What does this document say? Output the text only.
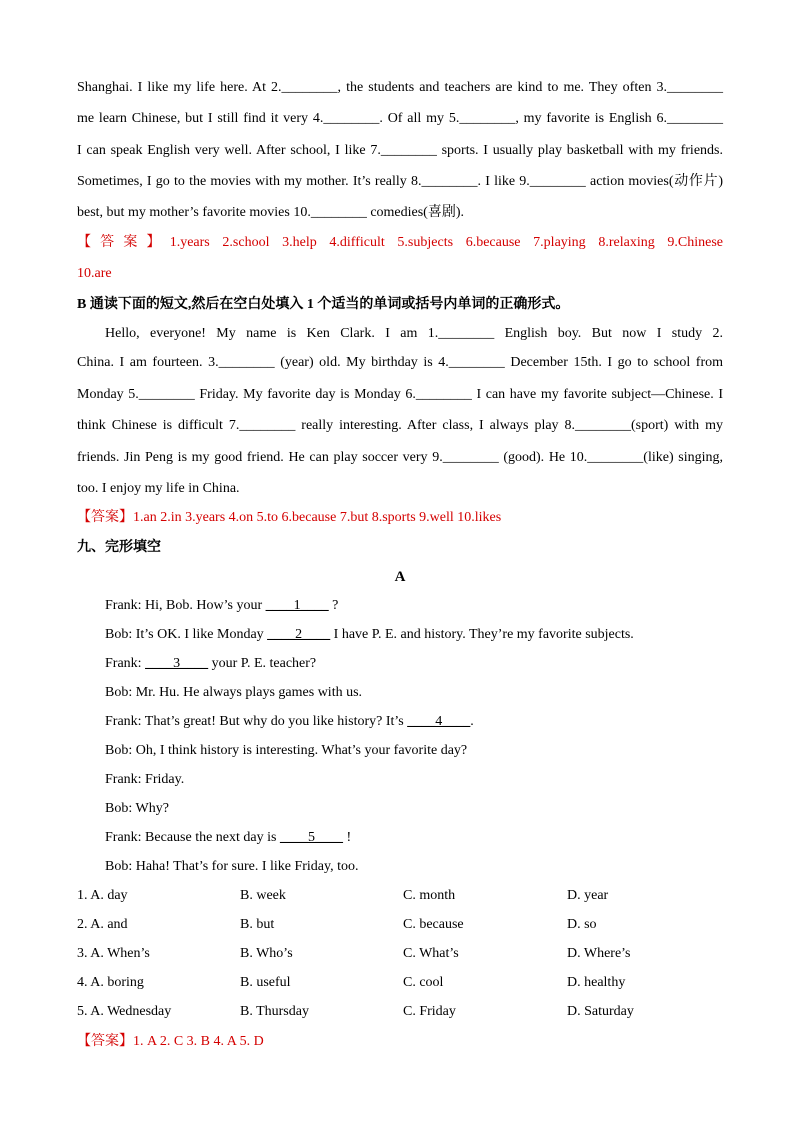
Shanghai. I like my life here. At 2.________, the students and teachers are kind to me. They often 3.________
me learn Chinese, but I still find it very 4.________. Of all my 5.________, my favorite is English 6.________
I can speak English very well. After school, I like 7.________ sports. I usually play basketball with my friends.
Sometimes, I go to the movies with my mother. It’s really 8.________. I like 9.________ action movies(动作片)
best, but my mother’s favorite movies 10.________ comedies(喜剧).
【答案】1.years 2.school 3.help 4.difficult 5.subjects 6.because 7.playing 8.relaxing 9.Chinese
10.are
B 通读下面的短文,然后在空白处填入 1 个适当的单词或括号内单词的正确形式。
Hello, everyone! My name is Ken Clark. I am 1.________ English boy. But now I study 2.
China. I am fourteen. 3.________ (year) old. My birthday is 4.________ December 15th. I go to school from
Monday 5.________ Friday. My favorite day is Monday 6.________ I can have my favorite subject—Chinese. I
think Chinese is difficult 7.________ really interesting. After class, I always play 8.________(sport) with my
friends. Jin Peng is my good friend. He can play soccer very 9.________ (good). He 10.________(like) singing,
too. I enjoy my life in China.
【答案】1.an 2.in 3.years 4.on 5.to 6.because 7.but 8.sports 9.well 10.likes
九、完形填空
A
Frank: Hi, Bob. How’s your ____1____ ?
Bob: It’s OK. I like Monday ____2____ I have P. E. and history. They’re my favorite subjects.
Frank: ____3____ your P. E. teacher?
Bob: Mr. Hu. He always plays games with us.
Frank: That’s great! But why do you like history? It’s ____4____.
Bob: Oh, I think history is interesting. What’s your favorite day?
Frank: Friday.
Bob: Why?
Frank: Because the next day is ____5____ !
Bob: Haha! That’s for sure. I like Friday, too.
1. A. day	B. week	C. month	D. year
2. A. and	B. but	C. because	D. so
3. A. When’s	B. Who’s	C. What’s	D. Where’s
4. A. boring	B. useful	C. cool	D. healthy
5. A. Wednesday	B. Thursday	C. Friday	D. Saturday
【答案】1. A 2. C 3. B 4. A 5. D
